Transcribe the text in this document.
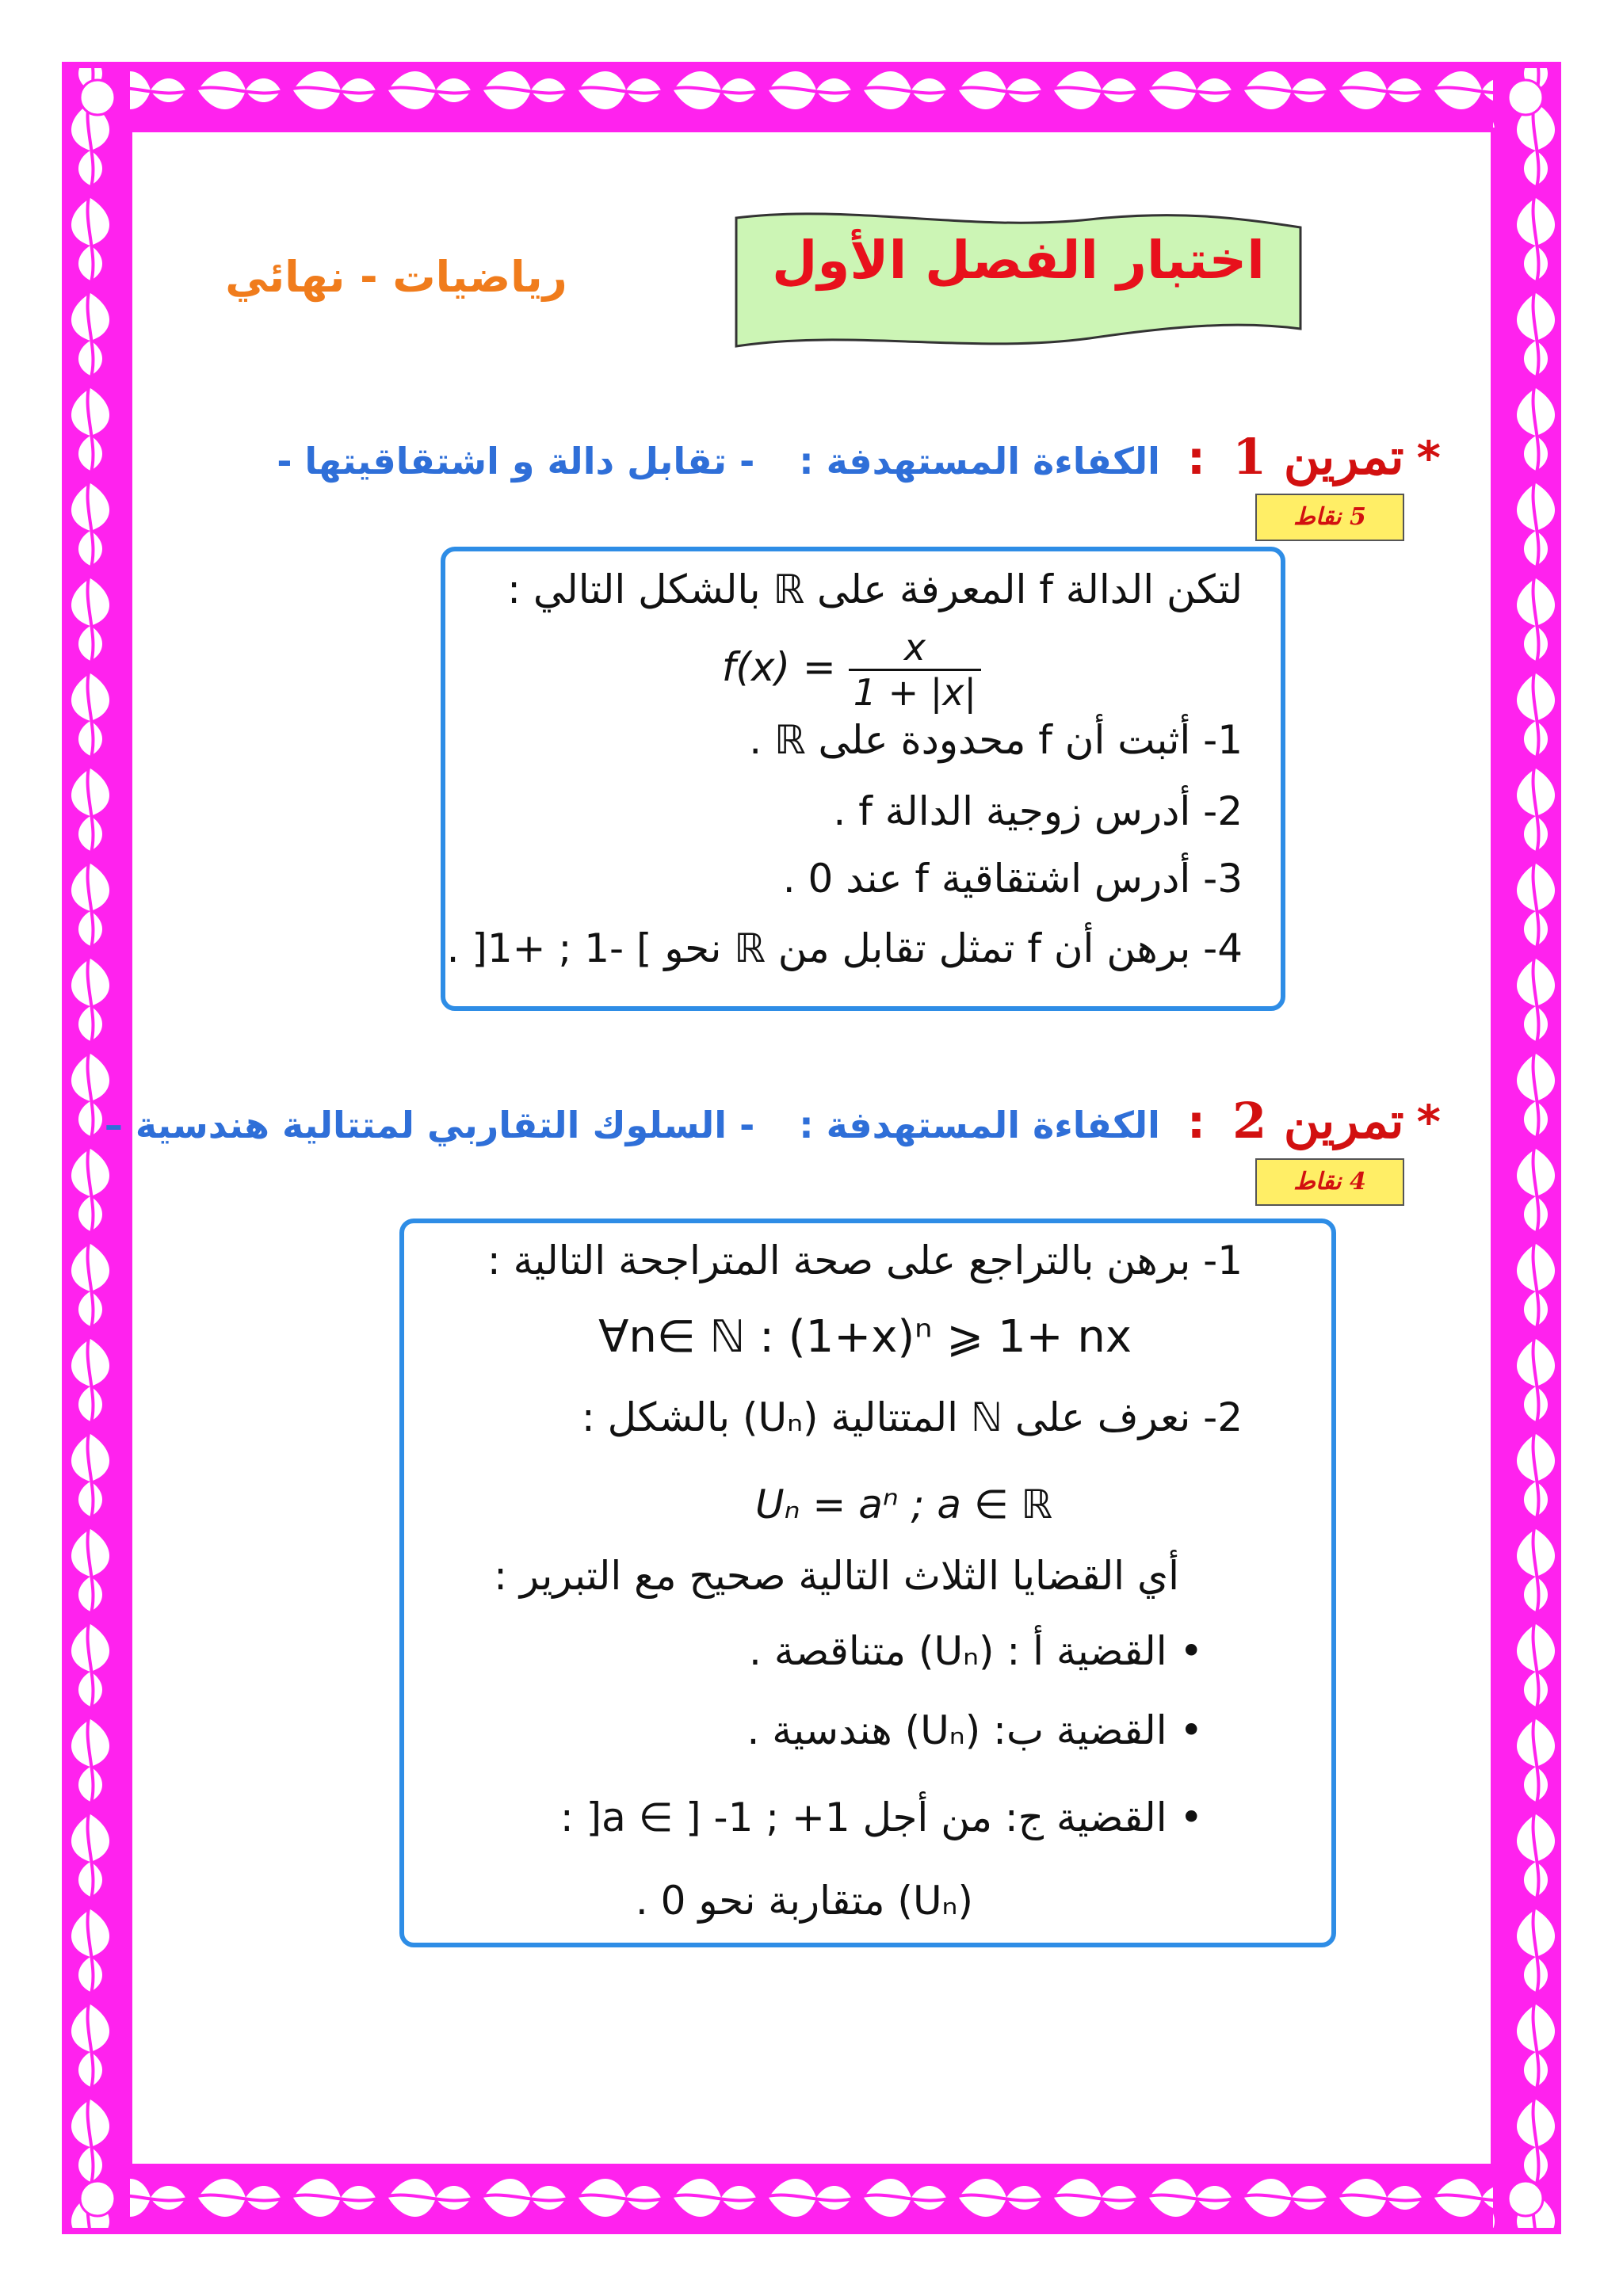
اختبار الفصل الأول
رياضيات - نهائي
* تمرين 1 : الكفاءة المستهدفة :  - تقابل دالة و اشتقاقيتها -
5 نقاط
لتكن الدالة f المعرفة على ℝ بالشكل التالي :
$f(x) = \frac{x}{1 + |x|}$
1- أثبت أن f محدودة على ℝ .
2- أدرس زوجية الدالة f .
3- أدرس اشتقاقية f عند 0 .
4- برهن أن f تمثل تقابل من ℝ نحو ] -1 ; +1[ .
* تمرين 2 : الكفاءة المستهدفة :  - السلوك التقاربي لمتتالية هندسية –
4 نقاط
1- برهن بالتراجع على صحة المتراجحة التالية :
∀n∈ ℕ : (1+x)ⁿ ⩾ 1+ nx
2- نعرف على ℕ المتتالية (Uₙ) بالشكل :
Uₙ = aⁿ ; a ∈ ℝ
أي القضايا الثلاث التالية صحيح مع التبرير :
• القضية أ : (Uₙ) متناقصة .
• القضية ب: (Uₙ) هندسية .
• القضية ج: من أجل a ∈ ] -1 ; +1[ :
(Uₙ) متقاربة نحو 0 .
